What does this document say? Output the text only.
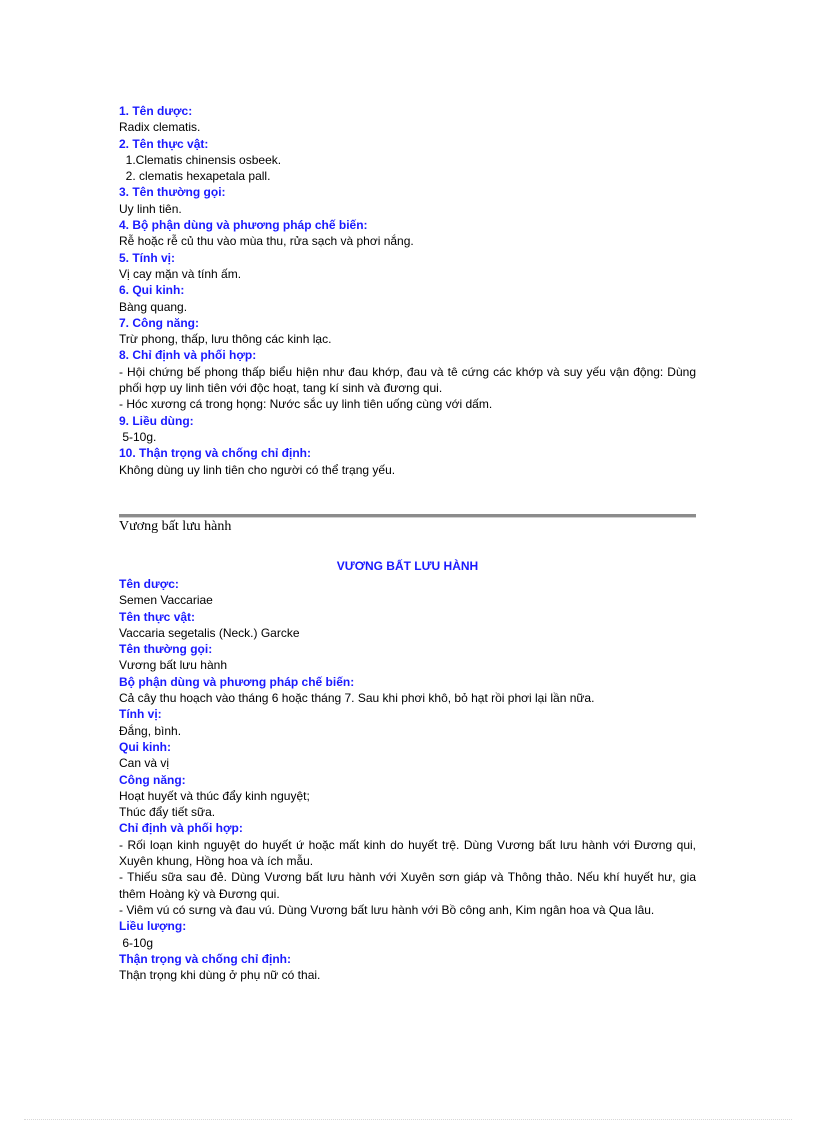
1. Tên dược:
Radix clematis.
2. Tên thực vật:
1.Clematis chinensis osbeek.
2. clematis hexapetala pall.
3. Tên thường gọi:
Uy linh tiên.
4. Bộ phận dùng và phương pháp chế biến:
Rễ hoặc rễ củ thu vào mùa thu, rửa sạch và phơi nắng.
5. Tính vị:
Vị cay mặn và tính ấm.
6. Qui kinh:
Bàng quang.
7. Công năng:
Trừ phong, thấp, lưu thông các kinh lạc.
8. Chỉ định và phối hợp:
- Hội chứng bế phong thấp biểu hiện như đau khớp, đau và tê cứng các khớp và suy yếu vận động: Dùng phối hợp uy linh tiên với độc hoạt, tang kí sinh và đương qui.
- Hóc xương cá trong họng: Nước sắc uy linh tiên uống cùng với dấm.
9. Liều dùng:
5-10g.
10. Thận trọng và chống chỉ định:
Không dùng uy linh tiên cho người có thể trạng yếu.
Vương bất lưu hành
VƯƠNG BẤT LƯU HÀNH
Tên dược:
Semen Vaccariae
Tên thực vật:
Vaccaria segetalis (Neck.) Garcke
Tên thường gọi:
Vương bất lưu hành
Bộ phận dùng và phương pháp chế biến:
Cả cây thu hoạch vào tháng 6 hoặc tháng 7. Sau khi phơi khô, bỏ hạt rồi phơi lại lần nữa.
Tính vị:
Đắng, bình.
Qui kinh:
Can và vị
Công năng:
Hoạt huyết và thúc đẩy kinh nguyệt;
Thúc đẩy tiết sữa.
Chỉ định và phối hợp:
- Rối loạn kinh nguyệt do huyết ứ hoặc mất kinh do huyết trệ. Dùng Vương bất lưu hành với Đương qui, Xuyên khung, Hồng hoa và ích mẫu.
- Thiếu sữa sau đẻ. Dùng Vương bất lưu hành với Xuyên sơn giáp và Thông thảo. Nếu khí huyết hư, gia thêm Hoàng kỳ và Đương qui.
- Viêm vú có sưng và đau vú. Dùng Vương bất lưu hành với Bồ công anh, Kim ngân hoa và Qua lâu.
Liều lượng:
6-10g
Thận trọng và chống chỉ định:
Thận trọng khi dùng ở phụ nữ có thai.
